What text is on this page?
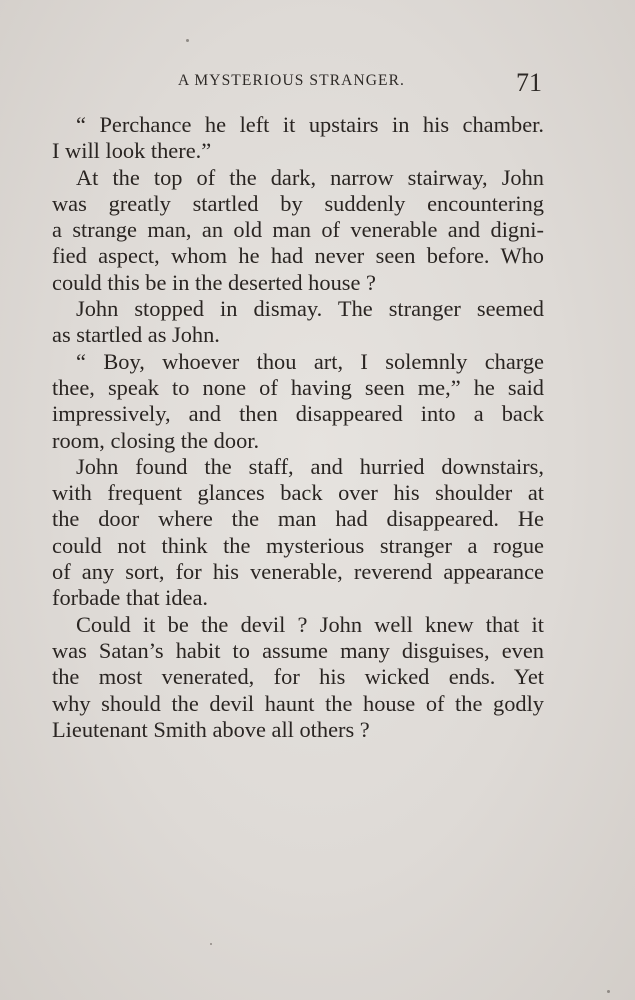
A MYSTERIOUS STRANGER.	71

“ Perchance he left it upstairs in his chamber.
I will look there.”

At the top of the dark, narrow stairway, John
was greatly startled by suddenly encountering
a strange man, an old man of venerable and digni-
fied aspect, whom he had never seen before. Who
could this be in the deserted house ?

John stopped in dismay. The stranger seemed
as startled as John.

“ Boy, whoever thou art, I solemnly charge
thee, speak to none of having seen me,” he said
impressively, and then disappeared into a back
room, closing the door.

John found the staff, and hurried downstairs,
with frequent glances back over his shoulder at
the door where the man had disappeared. He
could not think the mysterious stranger a rogue
of any sort, for his venerable, reverend appearance
forbade that idea.

Could it be the devil ? John well knew that it
was Satan’s habit to assume many disguises, even
the most venerated, for his wicked ends. Yet
why should the devil haunt the house of the godly
Lieutenant Smith above all others ?
